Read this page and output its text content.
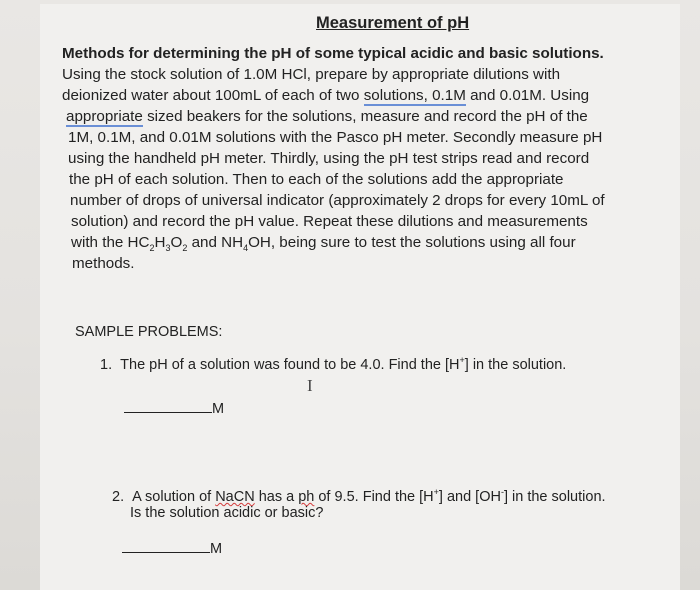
Measurement of pH
Methods for determining the pH of some typical acidic and basic solutions.
Using the stock solution of 1.0M HCl, prepare by appropriate dilutions with
deionized water about 100mL of each of two solutions, 0.1M and 0.01M. Using
appropriate sized beakers for the solutions, measure and record the pH of the
1M, 0.1M, and 0.01M solutions with the Pasco pH meter. Secondly measure pH
using the handheld pH meter. Thirdly, using the pH test strips read and record
the pH of each solution. Then to each of the solutions add the appropriate
number of drops of universal indicator (approximately 2 drops for every 10mL of
solution) and record the pH value. Repeat these dilutions and measurements
with the $HC_2H_3O_2$ and $NH_4OH$, being sure to test the solutions using all four
methods.
SAMPLE PROBLEMS:
1. The pH of a solution was found to be 4.0. Find the [H+] in the solution.
I
M
2. A solution of NaCN has a ph of 9.5. Find the [H+] and [OH-] in the solution.
Is the solution acidic or basic?
M
